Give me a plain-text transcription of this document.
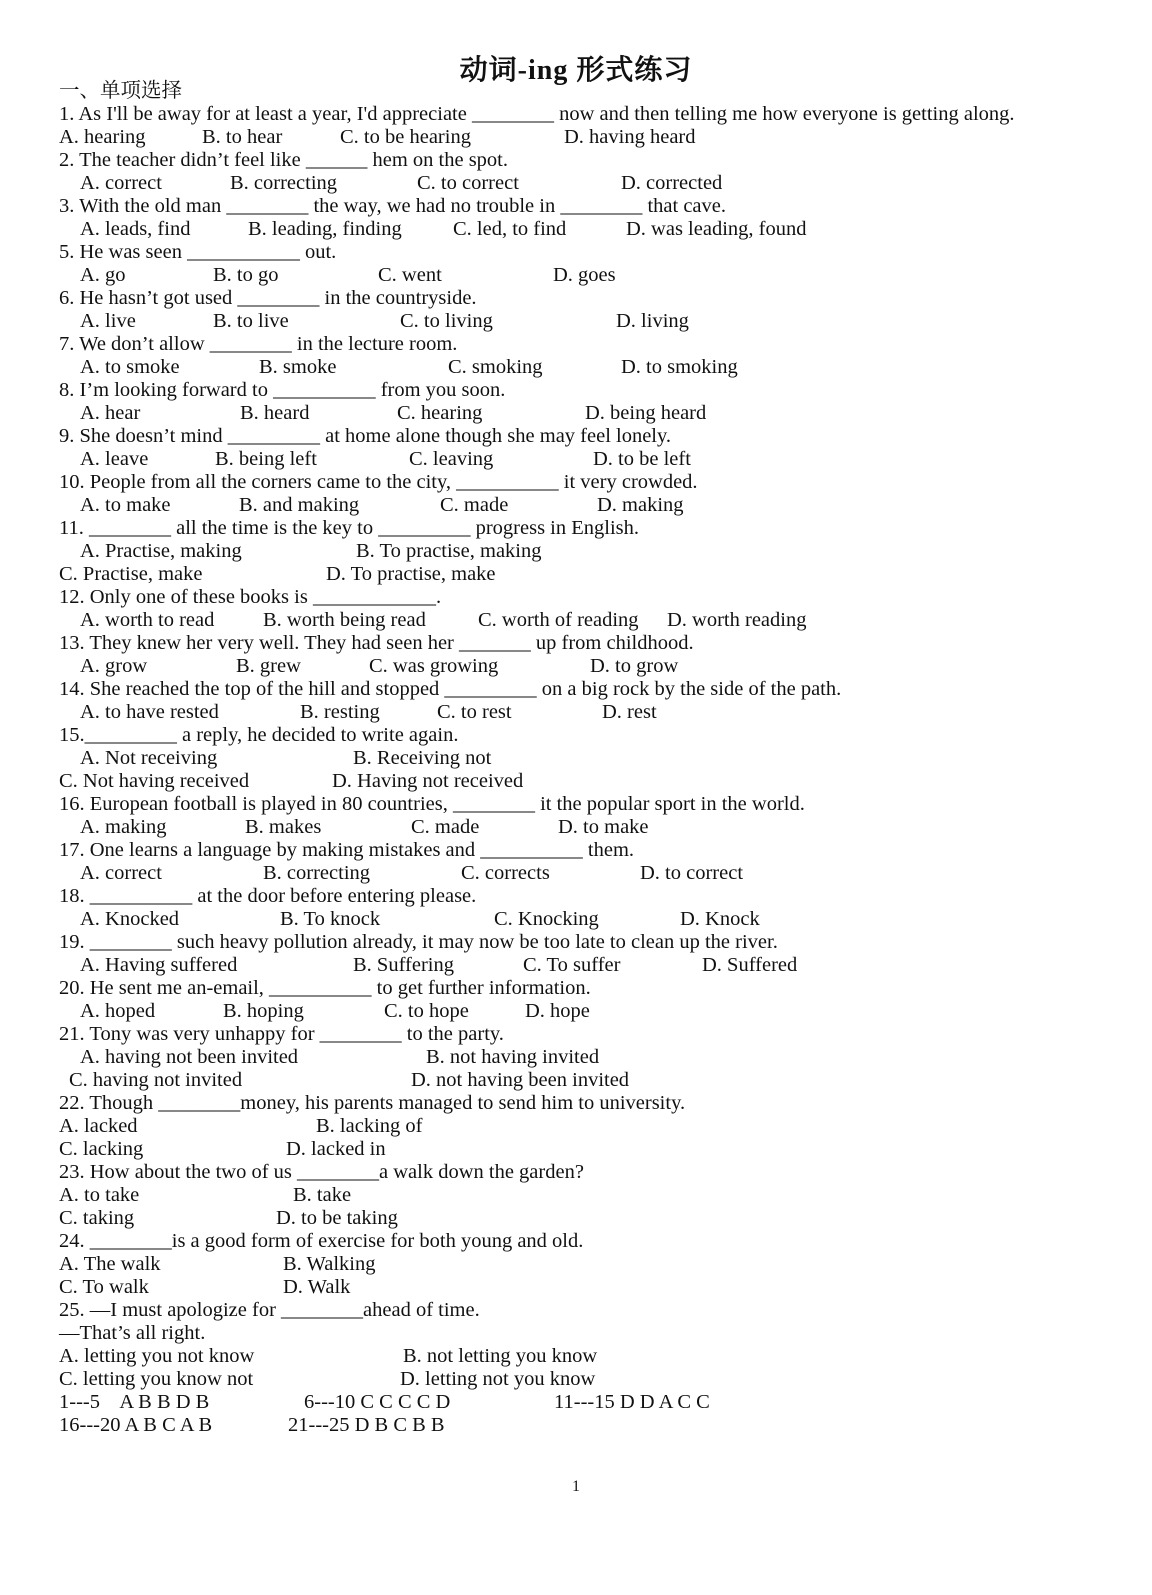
动词-ing 形式练习
一、单项选择
1. As I'll be away for at least a year, I'd appreciate ________ now and then telling me how everyone is getting along.
A. hearing	B. to hear	C. to be hearing	D. having heard
2. The teacher didn’t feel like ______ hem on the spot.
A. correct	B. correcting	C. to correct	D. corrected
3. With the old man ________ the way, we had no trouble in ________ that cave.
A. leads, find	B. leading, finding	C. led, to find	D. was leading, found
5. He was seen ___________ out.
A. go	B. to go	C. went	D. goes
6. He hasn’t got used ________ in the countryside.
A. live	B. to live	C. to living	D. living
7. We don’t allow ________ in the lecture room.
A. to smoke	B. smoke	C. smoking	D. to smoking
8. I’m looking forward to __________ from you soon.
A. hear	B. heard	C. hearing	D. being heard
9. She doesn’t mind _________ at home alone though she may feel lonely.
A. leave	B. being left	C. leaving	D. to be left
10. People from all the corners came to the city, __________ it very crowded.
A. to make	B. and making	C. made	D. making
11. ________ all the time is the key to _________ progress in English.
A. Practise, making	B. To practise, making
C. Practise, make	D. To practise, make
12. Only one of these books is ____________.
A. worth to read B. worth being read	C. worth of reading D. worth reading
13. They knew her very well. They had seen her _______ up from childhood.
A. grow	B. grew	C. was growing	D. to grow
14. She reached the top of the hill and stopped _________ on a big rock by the side of the path.
A. to have rested	B. resting	C. to rest	D. rest
15._________ a reply, he decided to write again.
A. Not receiving	B. Receiving not
C. Not having received	D. Having not received
16. European football is played in 80 countries, ________ it the popular sport in the world.
A. making	B. makes	C. made	D. to make
17. One learns a language by making mistakes and __________ them.
A. correct	B. correcting	C. corrects	D. to correct
18. __________ at the door before entering please.
A. Knocked	B. To knock	C. Knocking	D. Knock
19. ________ such heavy pollution already, it may now be too late to clean up the river.
A. Having suffered	B. Suffering	C. To suffer	D. Suffered
20. He sent me an-email, __________ to get further information.
A. hoped	B. hoping	C. to hope	D. hope
21. Tony was very unhappy for ________ to the party.
A. having not been invited	B. not having invited
C. having not invited	D. not having been invited
22. Though ________money, his parents managed to send him to university.
A. lacked	B. lacking of
C. lacking	D. lacked in
23. How about the two of us ________a walk down the garden?
A. to take	B. take
C. taking	D. to be taking
24. ________is a good form of exercise for both young and old.
A. The walk	B. Walking
C. To walk	D. Walk
25. —I must apologize for ________ahead of time.
—That’s all right.
A. letting you not know	B. not letting you know
C. letting you know not	D. letting not you know
1---5    A B B D B	6---10 C C C C D	11---15 D D A C C
16---20 A B C A B	21---25 D B C B B
1
